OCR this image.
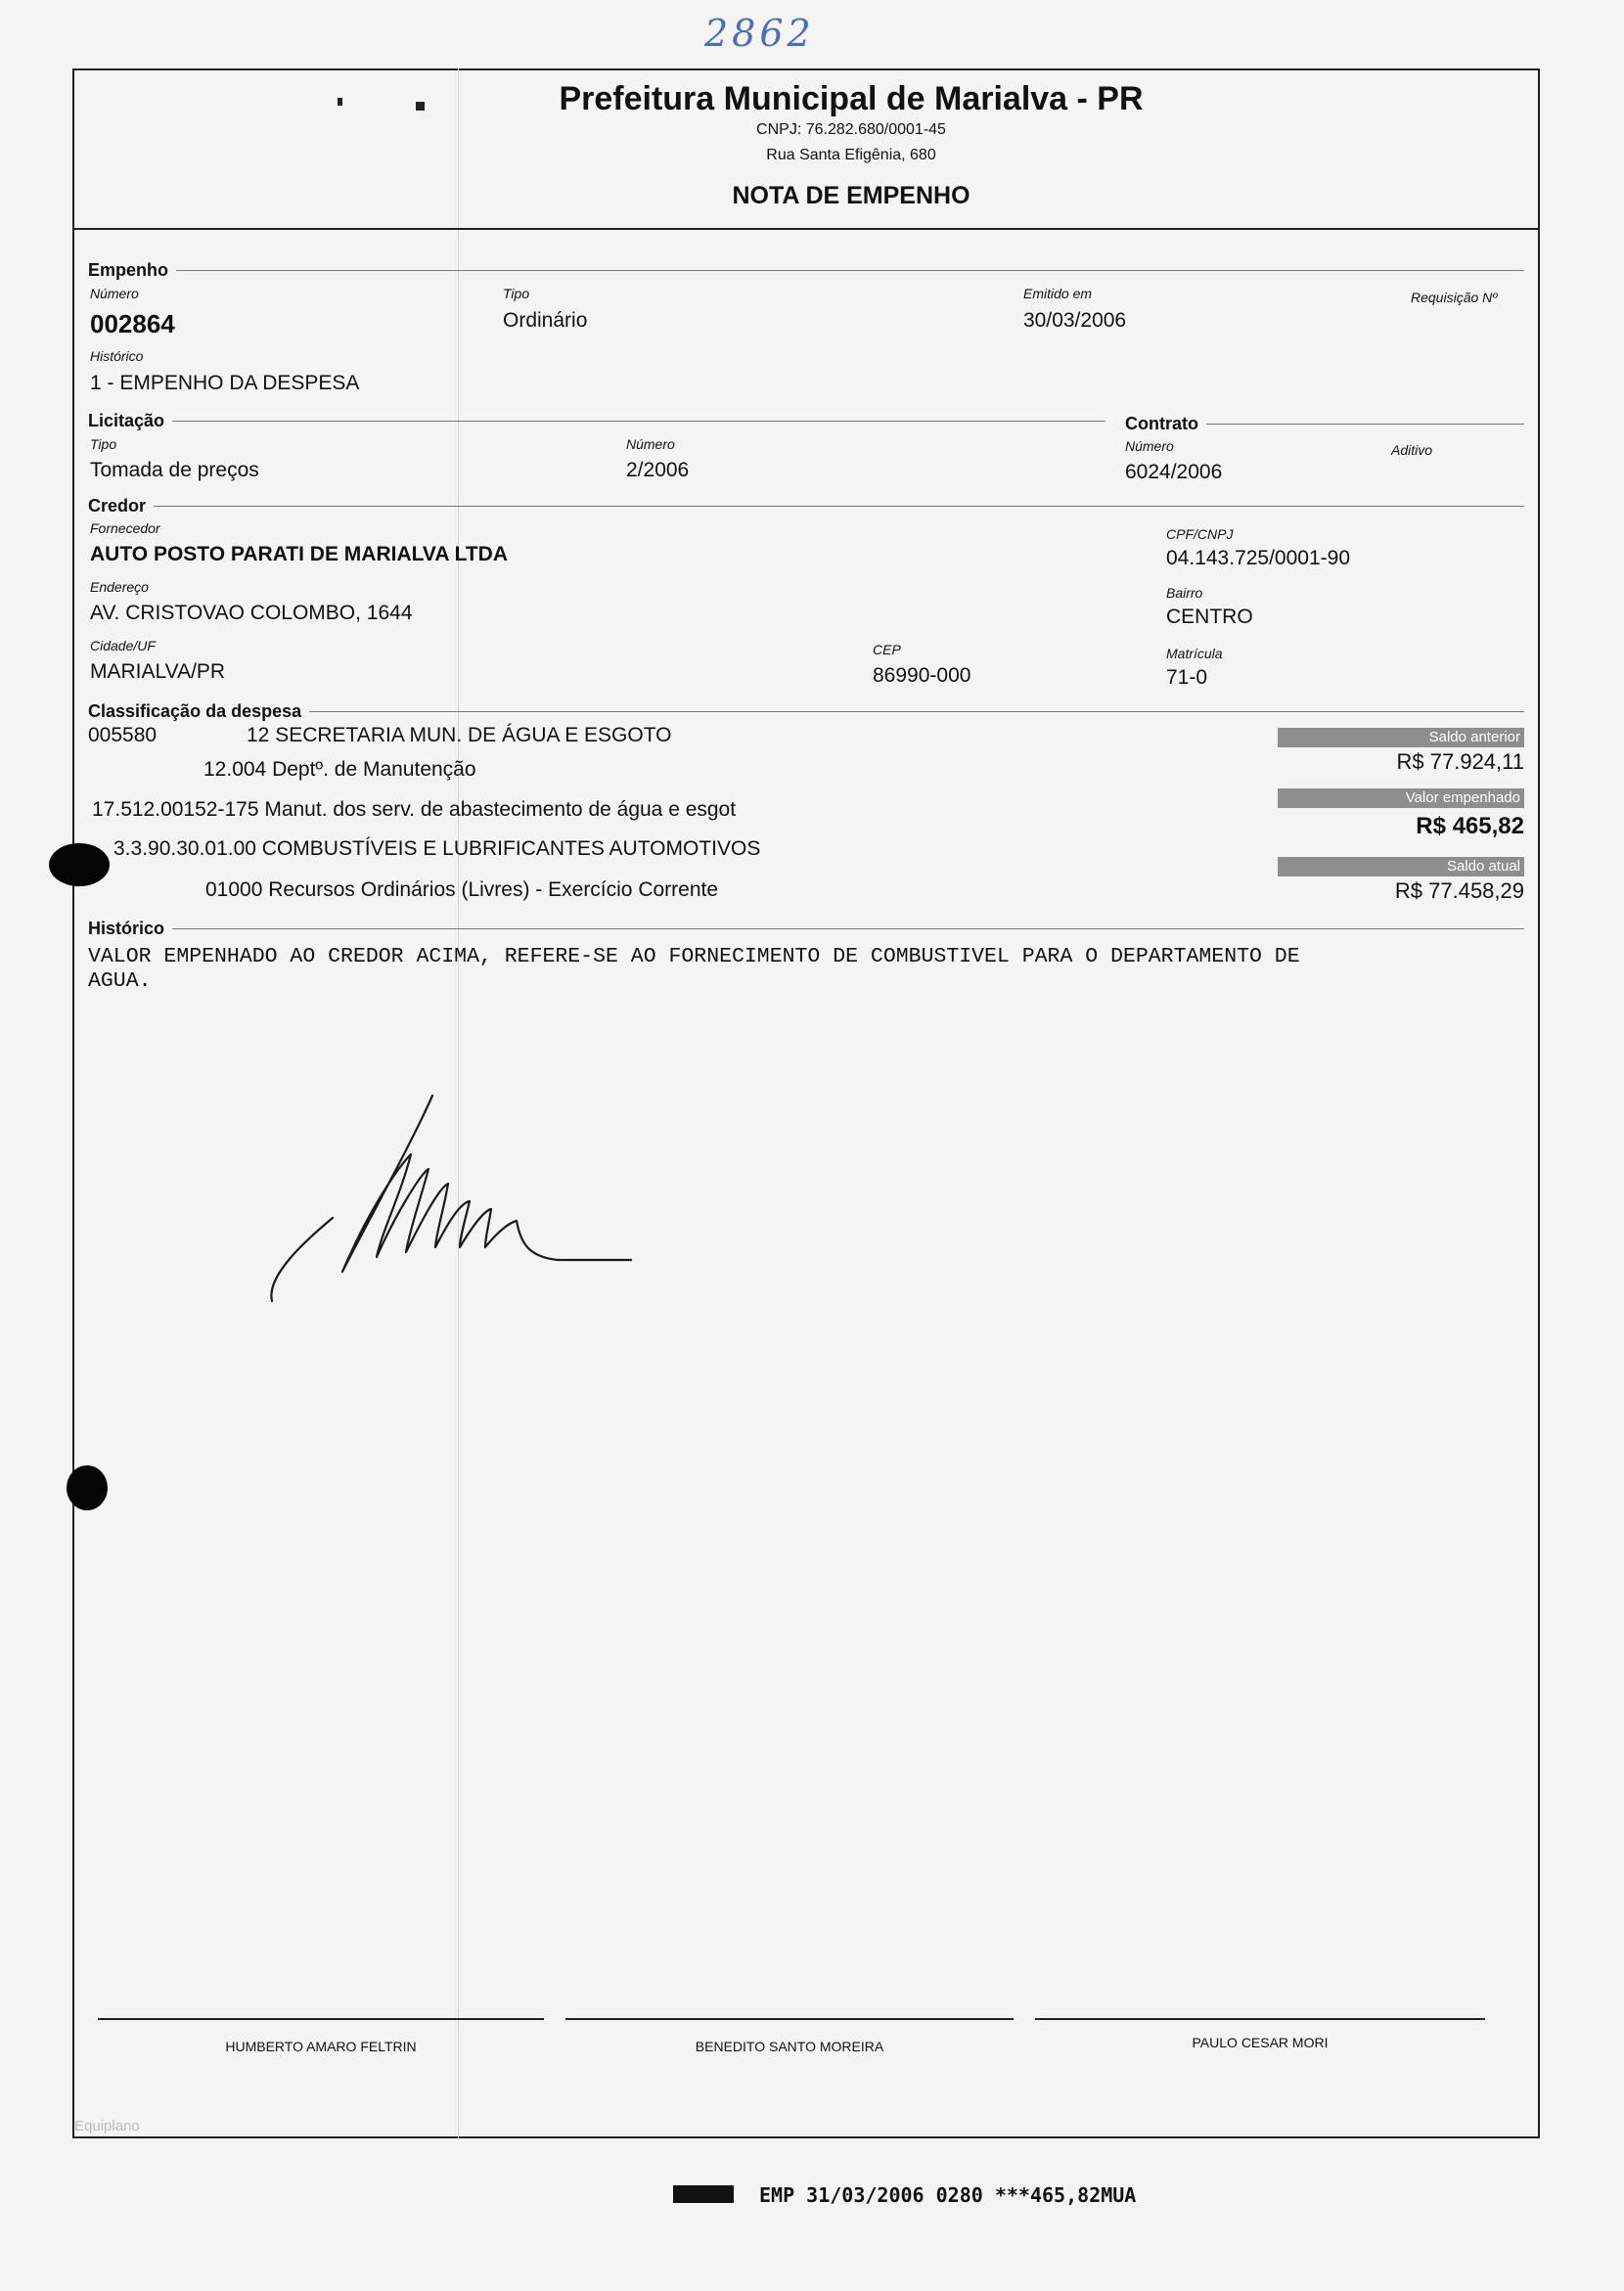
2862
Prefeitura Municipal de Marialva - PR
CNPJ: 76.282.680/0001-45
Rua Santa Efigênia, 680
NOTA DE EMPENHO
Empenho
Número
002864
Tipo
Ordinário
Emitido em
30/03/2006
Requisição Nº
Histórico
1 - EMPENHO DA DESPESA
Licitação
Tipo
Tomada de preços
Número
2/2006
Contrato
Número
6024/2006
Aditivo
Credor
Fornecedor
AUTO POSTO PARATI DE MARIALVA LTDA
CPF/CNPJ
04.143.725/0001-90
Endereço
AV. CRISTOVAO COLOMBO, 1644
Bairro
CENTRO
Cidade/UF
MARIALVA/PR
CEP
86990-000
Matrícula
71-0
Classificação da despesa
005580	12 SECRETARIA MUN. DE ÁGUA E ESGOTO
12.004 Deptº. de Manutenção
17.512.00152-175 Manut. dos serv. de abastecimento de água e esgot
3.3.90.30.01.00 COMBUSTÍVEIS E LUBRIFICANTES AUTOMOTIVOS
01000 Recursos Ordinários (Livres) - Exercício Corrente
Saldo anterior
R$ 77.924,11
Valor empenhado
R$ 465,82
Saldo atual
R$ 77.458,29
Histórico
VALOR EMPENHADO AO CREDOR ACIMA, REFERE-SE AO FORNECIMENTO DE COMBUSTIVEL PARA O DEPARTAMENTO DE
AGUA.
HUMBERTO AMARO FELTRIN	BENEDITO SANTO MOREIRA	PAULO CESAR MORI
Equiplano
EMP 31/03/2006 0280 ***465,82MUA
